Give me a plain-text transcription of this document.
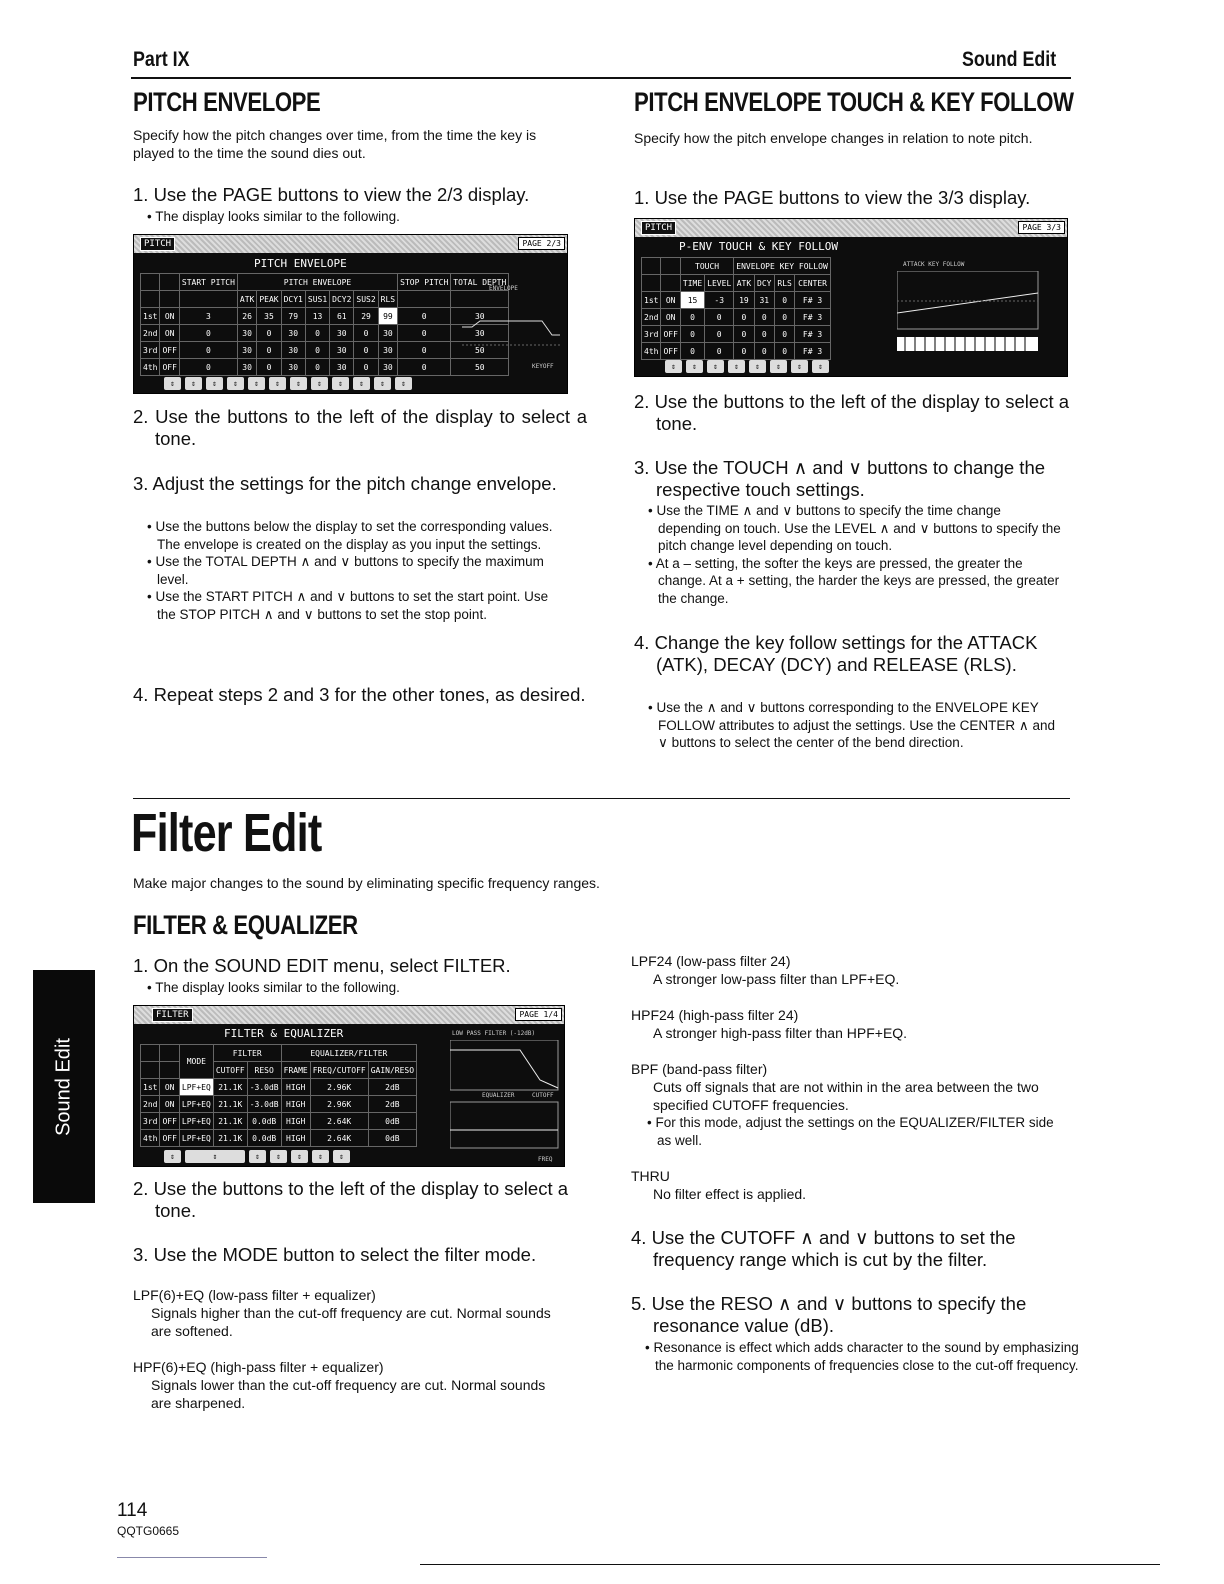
Part IX	Sound Edit
PITCH ENVELOPE
Specify how the pitch changes over time, from the time the key is played to the time the sound dies out.
1. Use the PAGE buttons to view the 2/3 display.
• The display looks similar to the following.
PITCH	PAGE 2/3
PITCH ENVELOPE
		START PITCH	PITCH ENVELOPE							STOP PITCH	TOTAL DEPTH
			ATK	PEAK	DCY1	SUS1	DCY2	SUS2	RLS		
1st	ON	3	26	35	79	13	61	29	99	0	30
2nd	ON	0	30	0	30	0	30	0	30	0	30
3rd	OFF	0	30	0	30	0	30	0	30	0	50
4th	OFF	0	30	0	30	0	30	0	30	0	50
ENVELOPE
KEYOFF
⇕	⇕	⇕	⇕	⇕	⇕	⇕	⇕	⇕	⇕	⇕	⇕
2. Use the buttons to the left of the display to select a tone.
3. Adjust the settings for the pitch change envelope.
• Use the buttons below the display to set the corresponding values. The envelope is created on the display as you input the settings.
• Use the TOTAL DEPTH ∧ and ∨ buttons to specify the maximum level.
• Use the START PITCH ∧ and ∨ buttons to set the start point. Use the STOP PITCH ∧ and ∨ buttons to set the stop point.
4. Repeat steps 2 and 3 for the other tones, as desired.
PITCH ENVELOPE TOUCH & KEY FOLLOW
Specify how the pitch envelope changes in relation to note pitch.
1. Use the PAGE buttons to view the 3/3 display.
PITCH	PAGE 3/3
P-ENV TOUCH & KEY FOLLOW
		TOUCH		ENVELOPE KEY FOLLOW			
		TIME	LEVEL	ATK	DCY	RLS	CENTER
1st	ON	15	-3	19	31	0	F# 3
2nd	ON	0	0	0	0	0	F# 3
3rd	OFF	0	0	0	0	0	F# 3
4th	OFF	0	0	0	0	0	F# 3
ATTACK KEY FOLLOW
⇕	⇕	⇕	⇕	⇕	⇕	⇕	⇕
2. Use the buttons to the left of the display to select a tone.
3. Use the TOUCH ∧ and ∨ buttons to change the respective touch settings.
• Use the TIME ∧ and ∨ buttons to specify the time change depending on touch. Use the LEVEL ∧ and ∨ buttons to specify the pitch change level depending on touch.
• At a – setting, the softer the keys are pressed, the greater the change. At a + setting, the harder the keys are pressed, the greater the change.
4. Change the key follow settings for the ATTACK (ATK), DECAY (DCY) and RELEASE (RLS).
• Use the ∧ and ∨ buttons corresponding to the ENVELOPE KEY FOLLOW attributes to adjust the settings. Use the CENTER ∧ and ∨ buttons to select the center of the bend direction.
Filter Edit
Make major changes to the sound by eliminating specific frequency ranges.
FILTER & EQUALIZER
1. On the SOUND EDIT menu, select FILTER.
• The display looks similar to the following.
FILTER	PAGE 1/4
FILTER & EQUALIZER
		MODE	FILTER		EQUALIZER/FILTER		
			CUTOFF	RESO	FRAME	FREQ/CUTOFF	GAIN/RESO
1st	ON	LPF+EQ	21.1K	-3.0dB	HIGH	2.96K	2dB
2nd	ON	LPF+EQ	21.1K	-3.0dB	HIGH	2.96K	2dB
3rd	OFF	LPF+EQ	21.1K	0.0dB	HIGH	2.64K	0dB
4th	OFF	LPF+EQ	21.1K	0.0dB	HIGH	2.64K	0dB
LOW PASS FILTER (-12dB)
EQUALIZER	CUTOFF
FREQ
⇕	⇕	⇕	⇕	⇕	⇕	⇕
2. Use the buttons to the left of the display to select a tone.
3. Use the MODE button to select the filter mode.
LPF(6)+EQ (low-pass filter + equalizer)
Signals higher than the cut-off frequency are cut. Normal sounds are softened.
HPF(6)+EQ (high-pass filter + equalizer)
Signals lower than the cut-off frequency are cut. Normal sounds are sharpened.
LPF24 (low-pass filter 24)
A stronger low-pass filter than LPF+EQ.
HPF24 (high-pass filter 24)
A stronger high-pass filter than HPF+EQ.
BPF (band-pass filter)
Cuts off signals that are not within in the area between the two specified CUTOFF frequencies.
• For this mode, adjust the settings on the EQUALIZER/FILTER side as well.
THRU
No filter effect is applied.
4. Use the CUTOFF ∧ and ∨ buttons to set the frequency range which is cut by the filter.
5. Use the RESO ∧ and ∨ buttons to specify the resonance value (dB).
• Resonance is effect which adds character to the sound by emphasizing the harmonic components of frequencies close to the cut-off frequency.
Sound Edit
114
QQTG0665
